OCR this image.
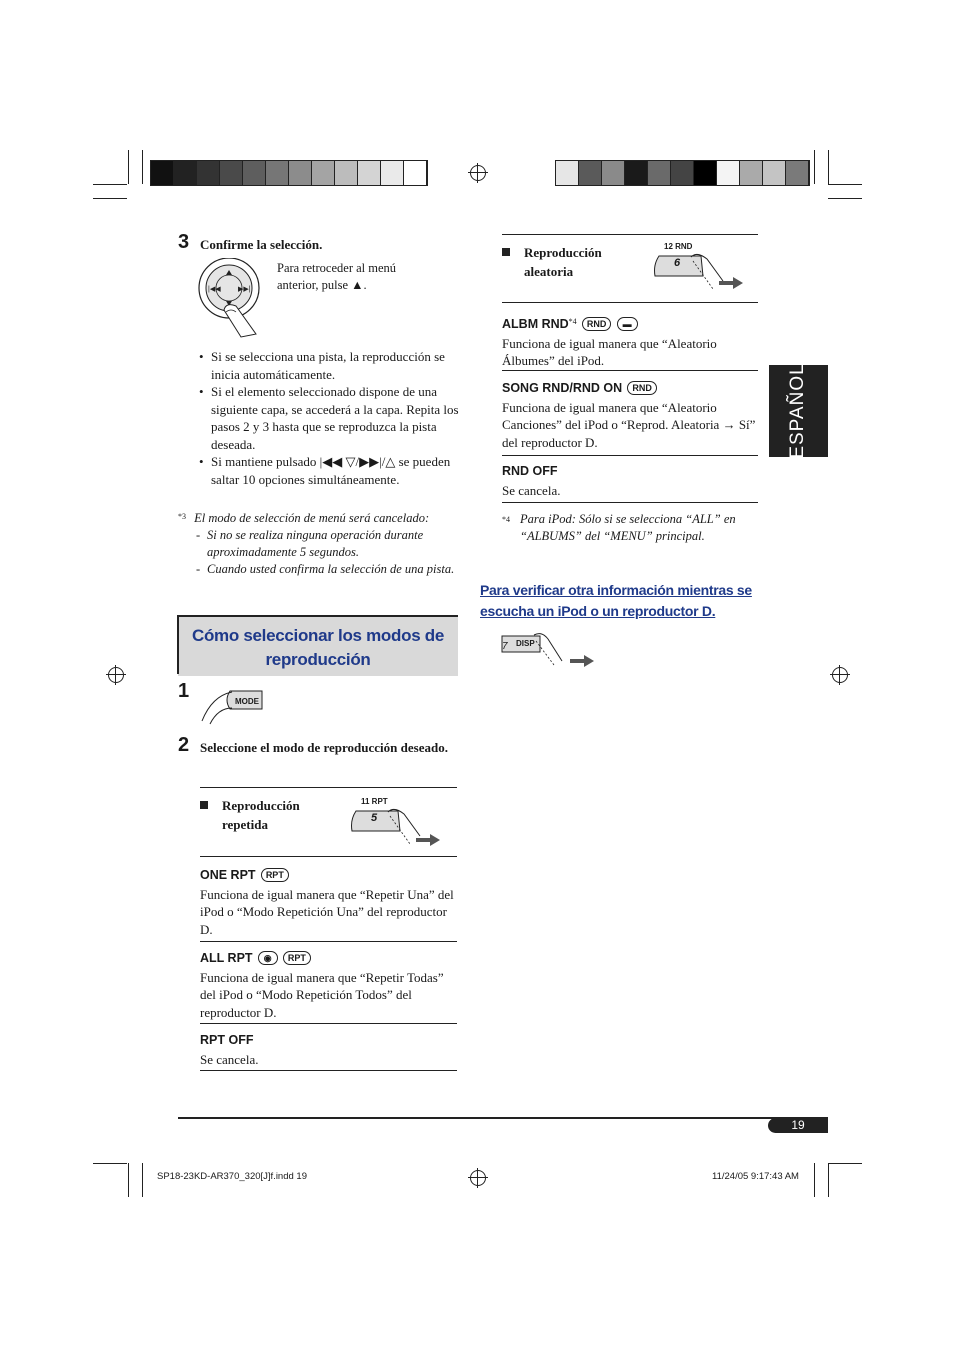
3 Confirme la selección.
|◀◀ ▶▶|
Para retroceder al menú
anterior, pulse ▲.
• Si se selecciona una pista, la reproducción se inicia automáticamente.
• Si el elemento seleccionado dispone de una siguiente capa, se accederá a la capa. Repita los pasos 2 y 3 hasta que se reproduzca la pista deseada.
• Si mantiene pulsado |◀◀ ▽/▶▶|/△ se pueden saltar 10 opciones simultáneamente.
$^{*3}$ El modo de selección de menú será cancelado:
- Si no se realiza ninguna operación durante aproximadamente 5 segundos.
- Cuando usted confirma la selección de una pista.
Cómo seleccionar los modos de
reproducción
1	MODE
2 Seleccione el modo de reproducción deseado.
Reproducción repetida
11 RPT
5
ONE RPT RPT
Funciona de igual manera que “Repetir Una” del iPod o “Modo Repetición Una” del reproductor D.
ALL RPT ◉ RPT
Funciona de igual manera que “Repetir Todas” del iPod o “Modo Repetición Todos” del reproductor D.
RPT OFF
Se cancela.
Reproducción aleatoria
12 RND
6
ALBM RND$^{*4}$ RND ▬
Funciona de igual manera que “Aleatorio Álbumes” del iPod.
SONG RND/RND ON RND
Funciona de igual manera que “Aleatorio Canciones” del iPod o “Reprod. Aleatoria → Sí” del reproductor D.
RND OFF
Se cancela.
*4 Para iPod: Sólo si se selecciona “ALL” en “ALBUMS” del “MENU” principal.
Para verificar otra información mientras se
escucha un iPod o un reproductor D.
DISP
7
ESPAÑOL
19
SP18-23KD-AR370_320[J]f.indd 19	11/24/05 9:17:43 AM
